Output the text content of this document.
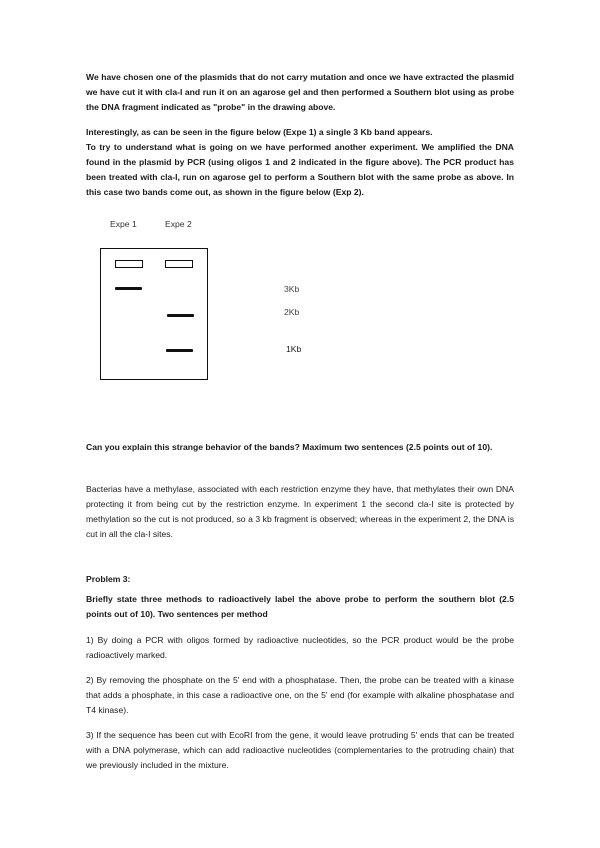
We have chosen one of the plasmids that do not carry mutation and once we have extracted the plasmid we have cut it with cla-I and run it on an agarose gel and then performed a Southern blot using as probe the DNA fragment indicated as "probe" in the drawing above.

Interestingly, as can be seen in the figure below (Expe 1) a single 3 Kb band appears.

To try to understand what is going on we have performed another experiment. We amplified the DNA found in the plasmid by PCR (using oligos 1 and 2 indicated in the figure above). The PCR product has been treated with cla-I, run on agarose gel to perform a Southern blot with the same probe as above. In this case two bands come out, as shown in the figure below (Exp 2).

Expe 1	Expe 2
3Kb
2Kb
1Kb

Can you explain this strange behavior of the bands? Maximum two sentences (2.5 points out of 10).

Bacterias have a methylase, associated with each restriction enzyme they have, that methylates their own DNA protecting it from being cut by the restriction enzyme. In experiment 1 the second cla-I site is protected by methylation so the cut is not produced, so a 3 kb fragment is observed; whereas in the experiment 2, the DNA is cut in all the cla-I sites.

Problem 3:

Briefly state three methods to radioactively label the above probe to perform the southern blot (2.5 points out of 10). Two sentences per method

1) By doing a PCR with oligos formed by radioactive nucleotides, so the PCR product would be the probe radioactively marked.

2) By removing the phosphate on the 5' end with a phosphatase. Then, the probe can be treated with a kinase that adds a phosphate, in this case a radioactive one, on the 5' end (for example with alkaline phosphatase and T4 kinase).

3) If the sequence has been cut with EcoRI from the gene, it would leave protruding 5' ends that can be treated with a DNA polymerase, which can add radioactive nucleotides (complementaries to the protruding chain) that we previously included in the mixture.
